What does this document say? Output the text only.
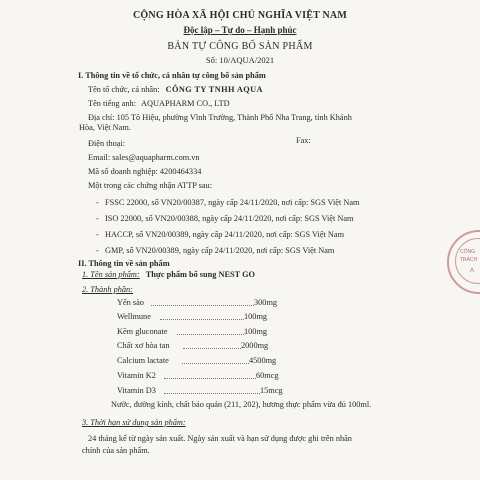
CỘNG HÒA XÃ HỘI CHỦ NGHĨA VIỆT NAM
Độc lập – Tự do – Hạnh phúc
BẢN TỰ CÔNG BỐ SẢN PHẨM
Số: 10/AQUA/2021
I. Thông tin về tổ chức, cá nhân tự công bố sản phẩm
Tên tổ chức, cá nhân: CÔNG TY TNHH AQUA
Tên tiếng anh: AQUAPHARM CO., LTD
Địa chỉ: 105 Tô Hiệu, phường Vĩnh Trường, Thành Phố Nha Trang, tỉnh Khánh
Hòa, Việt Nam.
Điện thoại:	Fax:
Email: sales@aquapharm.com.vn
Mã số doanh nghiệp: 4200464334
Một trong các chứng nhận ATTP sau:
-   FSSC 22000, số VN20/00387, ngày cấp 24/11/2020, nơi cấp: SGS Việt Nam
-   ISO 22000, số VN20/00388, ngày cấp 24/11/2020, nơi cấp: SGS Việt Nam
-   HACCP, số VN20/00389, ngày cấp 24/11/2020, nơi cấp: SGS Việt Nam
-   GMP, số VN20/00389, ngày cấp 24/11/2020, nơi cấp: SGS Việt Nam
II. Thông tin về sản phẩm
1. Tên sản phẩm: Thực phẩm bổ sung NEST GO
2. Thành phần:
Yến sào	300mg
Wellmune	100mg
Kẽm gluconate	100mg
Chất xơ hòa tan	2000mg
Calcium lactate	4500mg
Vitamin K2	60mcg
Vitamin D3	15mcg
Nước, đường kính, chất bảo quản (211, 202), hương thực phẩm vừa đủ 100ml.
3. Thời hạn sử dụng sản phẩm:
24 tháng kể từ ngày sản xuất. Ngày sản xuất và hạn sử dụng được ghi trên nhãn
chính của sản phẩm.
CÔNG
TRÁCH
A
